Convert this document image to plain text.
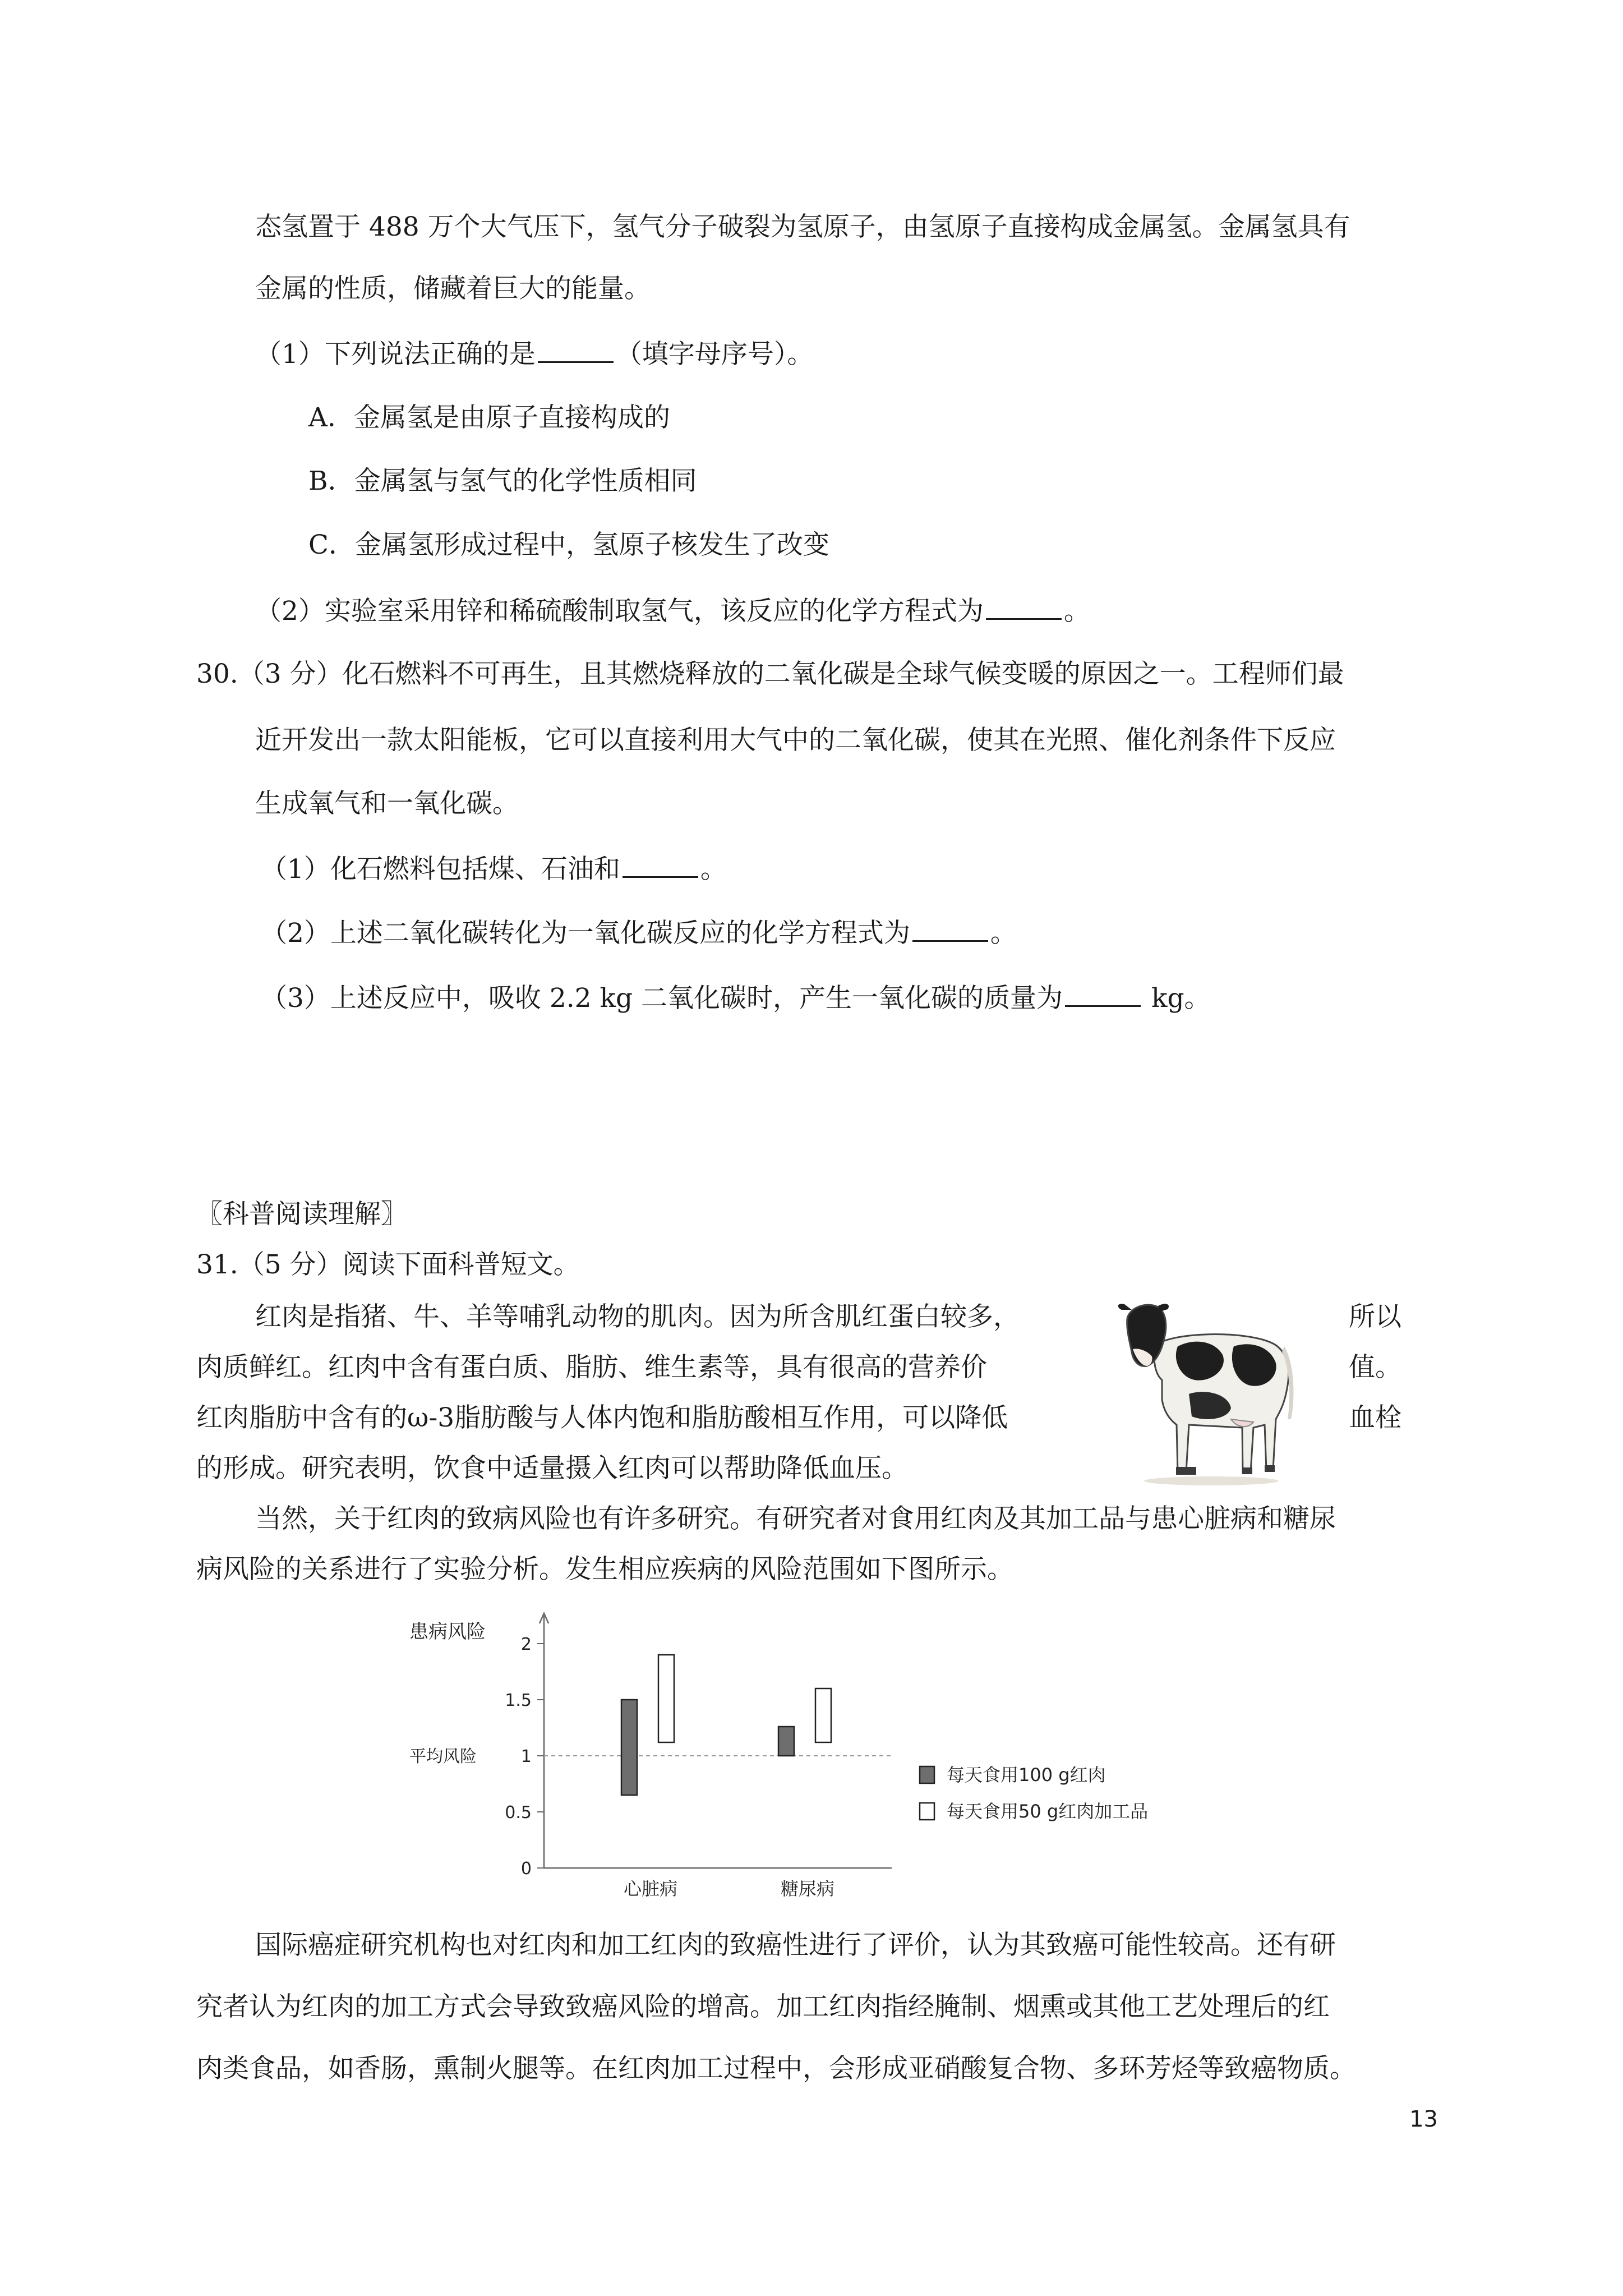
态氢置于 488 万个大气压下，氢气分子破裂为氢原子，由氢原子直接构成金属氢。金属氢具有
金属的性质，储藏着巨大的能量。
（1）下列说法正确的是	（填字母序号）。
A．金属氢是由原子直接构成的
B．金属氢与氢气的化学性质相同
C．金属氢形成过程中，氢原子核发生了改变
（2）实验室采用锌和稀硫酸制取氢气，该反应的化学方程式为	。
30.（3 分）化石燃料不可再生，且其燃烧释放的二氧化碳是全球气候变暖的原因之一。工程师们最
近开发出一款太阳能板，它可以直接利用大气中的二氧化碳，使其在光照、催化剂条件下反应
生成氧气和一氧化碳。
（1）化石燃料包括煤、石油和	。
（2）上述二氧化碳转化为一氧化碳反应的化学方程式为	。
（3）上述反应中，吸收 2.2 kg 二氧化碳时，产生一氧化碳的质量为	kg。
〖科普阅读理解〗
31.（5 分）阅读下面科普短文。
红肉是指猪、牛、羊等哺乳动物的肌肉。因为所含肌红蛋白较多，	所以
肉质鲜红。红肉中含有蛋白质、脂肪、维生素等，具有很高的营养价	值。
红肉脂肪中含有的ω-3脂肪酸与人体内饱和脂肪酸相互作用，可以降低	血栓
的形成。研究表明，饮食中适量摄入红肉可以帮助降低血压。
当然，关于红肉的致病风险也有许多研究。有研究者对食用红肉及其加工品与患心脏病和糖尿
病风险的关系进行了实验分析。发生相应疾病的风险范围如下图所示。
患病风险
0
0.5
1
1.5
2
平均风险
心脏病	糖尿病
每天食用100 g红肉
每天食用50 g红肉加工品
国际癌症研究机构也对红肉和加工红肉的致癌性进行了评价，认为其致癌可能性较高。还有研
究者认为红肉的加工方式会导致致癌风险的增高。加工红肉指经腌制、烟熏或其他工艺处理后的红
肉类食品，如香肠，熏制火腿等。在红肉加工过程中，会形成亚硝酸复合物、多环芳烃等致癌物质。
13
